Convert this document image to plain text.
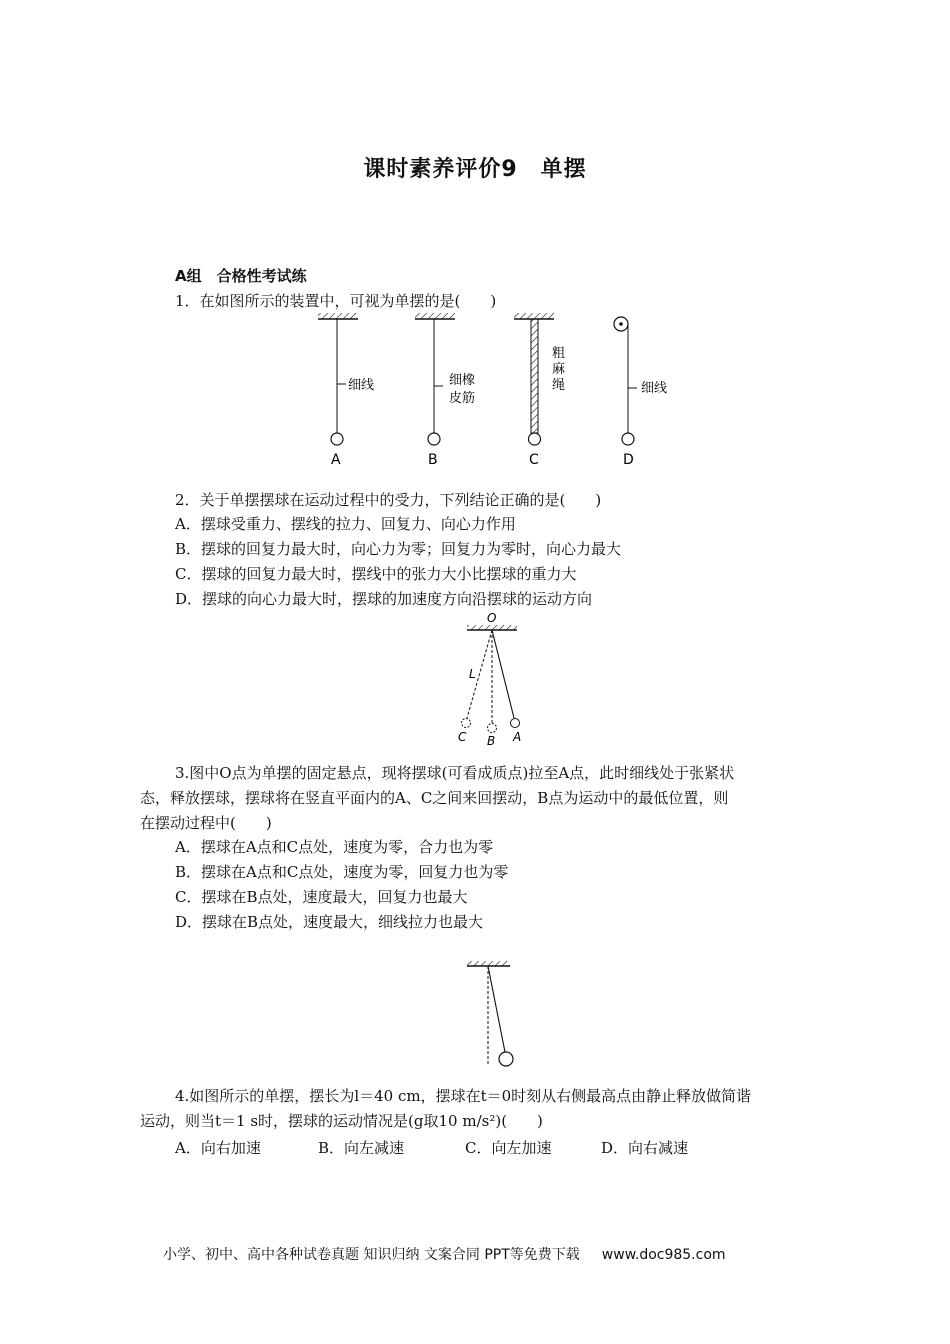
课时素养评价9　单摆
A组　合格性考试练
1．在如图所示的装置中，可视为单摆的是(　　)
细线
A
细橡
皮筋
B
粗
麻
绳
C
细线
D
2．关于单摆摆球在运动过程中的受力，下列结论正确的是(　　)
A．摆球受重力、摆线的拉力、回复力、向心力作用
B．摆球的回复力最大时，向心力为零；回复力为零时，向心力最大
C．摆球的回复力最大时，摆线中的张力大小比摆球的重力大
D．摆球的向心力最大时，摆球的加速度方向沿摆球的运动方向
O
L
C B A
3.图中O点为单摆的固定悬点，现将摆球(可看成质点)拉至A点，此时细线处于张紧状
态，释放摆球，摆球将在竖直平面内的A、C之间来回摆动，B点为运动中的最低位置，则
在摆动过程中(　　)
A．摆球在A点和C点处，速度为零，合力也为零
B．摆球在A点和C点处，速度为零，回复力也为零
C．摆球在B点处，速度最大，回复力也最大
D．摆球在B点处，速度最大，细线拉力也最大
4.如图所示的单摆，摆长为l＝40 cm，摆球在t＝0时刻从右侧最高点由静止释放做简谐
运动，则当t＝1 s时，摆球的运动情况是(g取10 m/s²)(　　)
A．向右加速	B．向左减速	C．向左加速	D．向右减速
小学、初中、高中各种试卷真题 知识归纳 文案合同 PPT等免费下载 www.doc985.com
